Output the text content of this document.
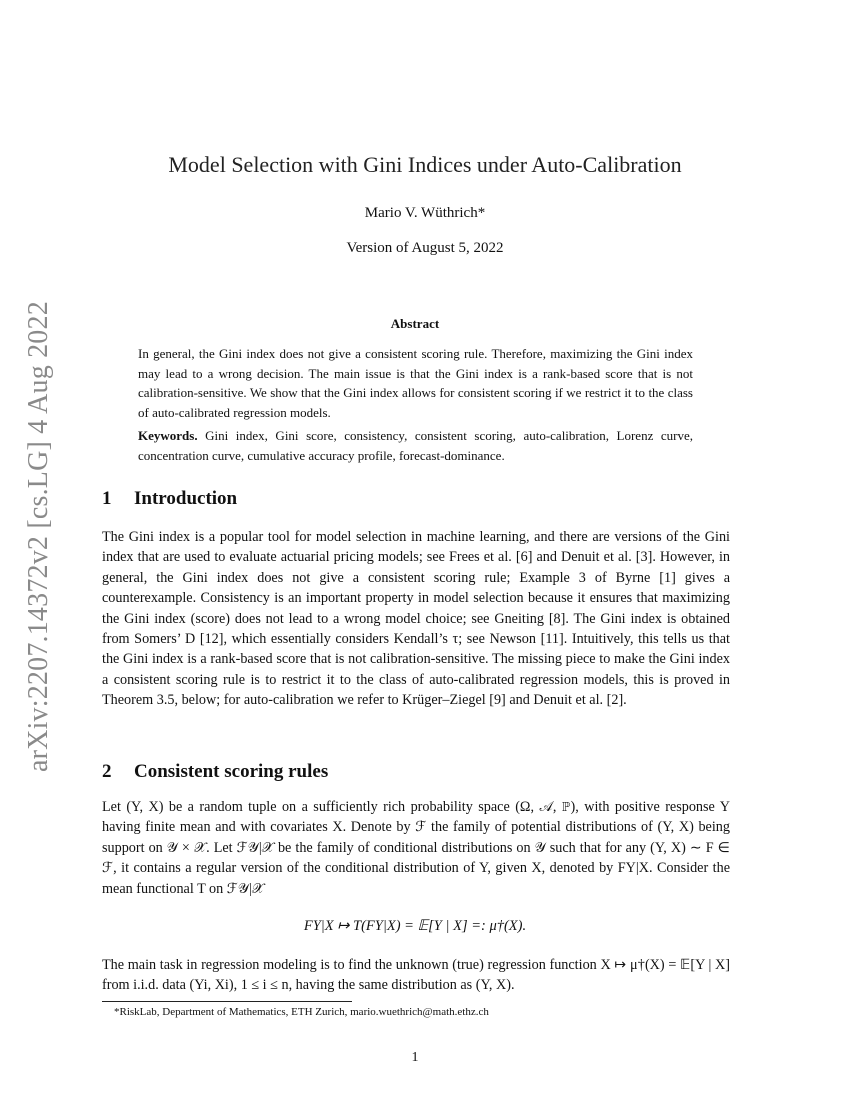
arXiv:2207.14372v2 [cs.LG] 4 Aug 2022
Model Selection with Gini Indices under Auto-Calibration
Mario V. Wüthrich*
Version of August 5, 2022
Abstract
In general, the Gini index does not give a consistent scoring rule. Therefore, maximizing the Gini index may lead to a wrong decision. The main issue is that the Gini index is a rank-based score that is not calibration-sensitive. We show that the Gini index allows for consistent scoring if we restrict it to the class of auto-calibrated regression models.
Keywords. Gini index, Gini score, consistency, consistent scoring, auto-calibration, Lorenz curve, concentration curve, cumulative accuracy profile, forecast-dominance.
1 Introduction
The Gini index is a popular tool for model selection in machine learning, and there are versions of the Gini index that are used to evaluate actuarial pricing models; see Frees et al. [6] and Denuit et al. [3]. However, in general, the Gini index does not give a consistent scoring rule; Example 3 of Byrne [1] gives a counterexample. Consistency is an important property in model selection because it ensures that maximizing the Gini index (score) does not lead to a wrong model choice; see Gneiting [8]. The Gini index is obtained from Somers’ D [12], which essentially considers Kendall’s τ; see Newson [11]. Intuitively, this tells us that the Gini index is a rank-based score that is not calibration-sensitive. The missing piece to make the Gini index a consistent scoring rule is to restrict it to the class of auto-calibrated regression models, this is proved in Theorem 3.5, below; for auto-calibration we refer to Krüger–Ziegel [9] and Denuit et al. [2].
2 Consistent scoring rules
Let (Y, X) be a random tuple on a sufficiently rich probability space (Ω, 𝒜, ℙ), with positive response Y having finite mean and with covariates X. Denote by ℱ the family of potential distributions of (Y, X) being support on 𝒴 × 𝒳. Let ℱ𝒴|𝒳 be the family of conditional distributions on 𝒴 such that for any (Y, X) ∼ F ∈ ℱ, it contains a regular version of the conditional distribution of Y, given X, denoted by FY|X. Consider the mean functional T on ℱ𝒴|𝒳
FY|X ↦ T(FY|X) = 𝔼[Y | X] =: μ†(X).
The main task in regression modeling is to find the unknown (true) regression function X ↦ μ†(X) = 𝔼[Y | X] from i.i.d. data (Yi, Xi), 1 ≤ i ≤ n, having the same distribution as (Y, X).
*RiskLab, Department of Mathematics, ETH Zurich, mario.wuethrich@math.ethz.ch
1
